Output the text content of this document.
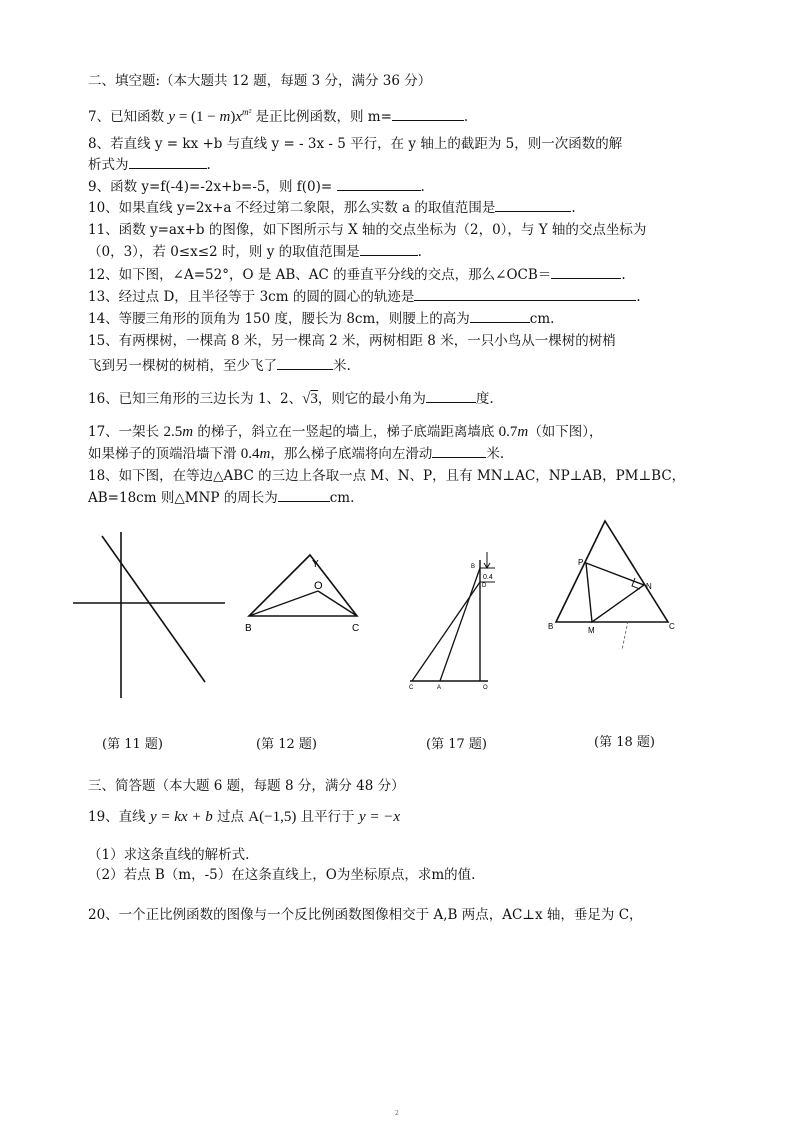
二、填空题:（本大题共 12 题，每题 3 分，满分 36 分）
7、已知函数 $y = (1 - m)x^{m^2}$ 是正比例函数，则 m=	.
8、若直线 y = kx +b 与直线 y = - 3x - 5 平行，在 y 轴上的截距为 5，则一次函数的解
析式为	.
9、函数 y=f(-4)=-2x+b=-5，则 f(0)=	.
10、如果直线 y=2x+a 不经过第二象限，那么实数 a 的取值范围是	.
11、函数 y=ax+b 的图像，如下图所示与 X 轴的交点坐标为（2，0），与 Y 轴的交点坐标为
（0，3），若 0≤x≤2 时，则 y 的取值范围是	.
12、如下图，∠A=52°，O 是 AB、AC 的垂直平分线的交点，那么∠OCB＝	.
13、经过点 D，且半径等于 3cm 的圆的圆心的轨迹是	.
14、等腰三角形的顶角为 150 度，腰长为 8cm，则腰上的高为	cm.
15、有两棵树，一棵高 8 米，另一棵高 2 米，两树相距 8 米，一只小鸟从一棵树的树梢
飞到另一棵树的树梢，至少飞了	米.
16、已知三角形的三边长为 1、2、√3，则它的最小角为	度.
17、一架长 2.5m 的梯子，斜立在一竖起的墙上，梯子底端距离墙底 0.7m（如下图），
如果梯子的顶端沿墙下滑 0.4m，那么梯子底端将向左滑动	米.
18、如下图，在等边△ABC 的三边上各取一点 M、N、P，且有 MN⊥AC，NP⊥AB，PM⊥BC，
AB=18cm 则△MNP 的周长为	cm.
Y
O
B	C
B
D
0.4
C	A	O
P
N
B	M	C
(第 11 题)	(第 12 题)	(第 17 题)	(第 18 题)
三、简答题（本大题 6 题，每题 8 分，满分 48 分）
19、直线 y = kx + b 过点 A(−1,5) 且平行于 y = −x
（1）求这条直线的解析式.
（2）若点 B（m，-5）在这条直线上，O为坐标原点，求m的值.
20、一个正比例函数的图像与一个反比例函数图像相交于 A,B 两点，AC⊥x 轴，垂足为 C，
2
